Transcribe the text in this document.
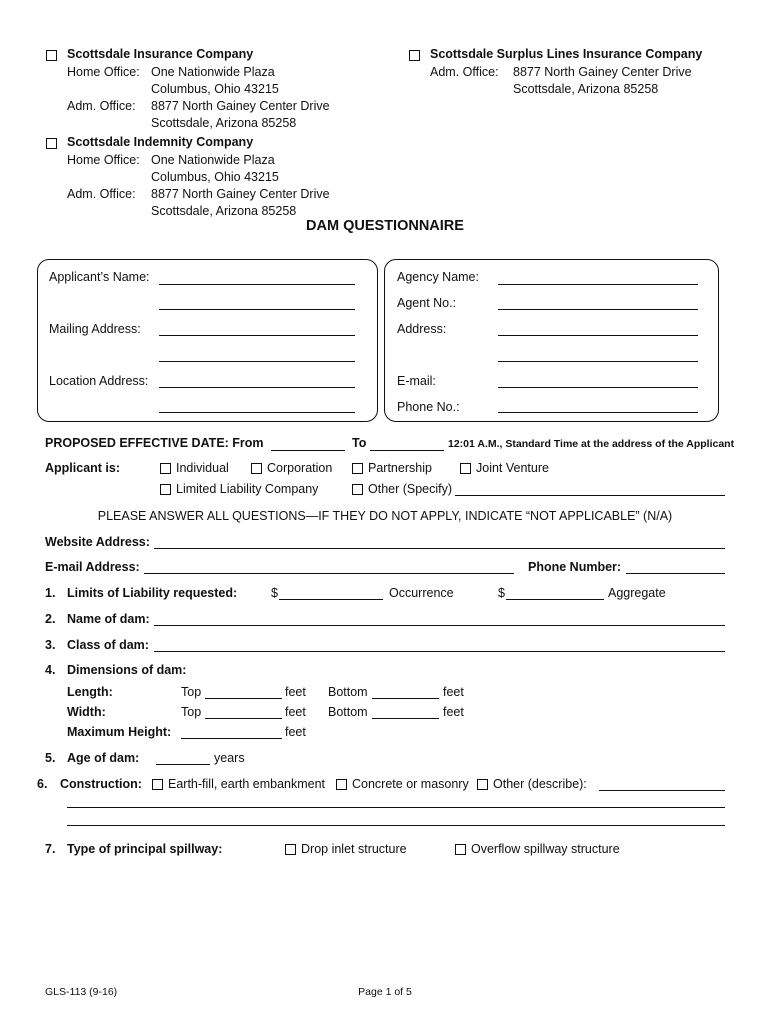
Scottsdale Insurance Company
Home Office: One Nationwide Plaza
Columbus, Ohio 43215
Adm. Office: 8877 North Gainey Center Drive
Scottsdale, Arizona 85258
Scottsdale Indemnity Company
Home Office: One Nationwide Plaza
Columbus, Ohio 43215
Adm. Office: 8877 North Gainey Center Drive
Scottsdale, Arizona 85258
Scottsdale Surplus Lines Insurance Company
Adm. Office: 8877 North Gainey Center Drive
Scottsdale, Arizona 85258
DAM QUESTIONNAIRE
Applicant’s Name:
Mailing Address:
Location Address:
Agency Name:
Agent No.:
Address:
E-mail:
Phone No.:
PROPOSED EFFECTIVE DATE: From	To	12:01 A.M., Standard Time at the address of the Applicant
Applicant is:	Individual	Corporation	Partnership	Joint Venture
Limited Liability Company	Other (Specify)
PLEASE ANSWER ALL QUESTIONS—IF THEY DO NOT APPLY, INDICATE “NOT APPLICABLE” (N/A)
Website Address:
E-mail Address:	Phone Number:
1. Limits of Liability requested:	$	Occurrence	$	Aggregate
2. Name of dam:
3. Class of dam:
4. Dimensions of dam:
Length:	Top	feet Bottom	feet
Width:	Top	feet Bottom	feet
Maximum Height:	feet
5. Age of dam:	years
6. Construction: Earth-fill, earth embankment Concrete or masonry Other (describe):
7. Type of principal spillway:	Drop inlet structure	Overflow spillway structure
GLS-113 (9-16)	Page 1 of 5
